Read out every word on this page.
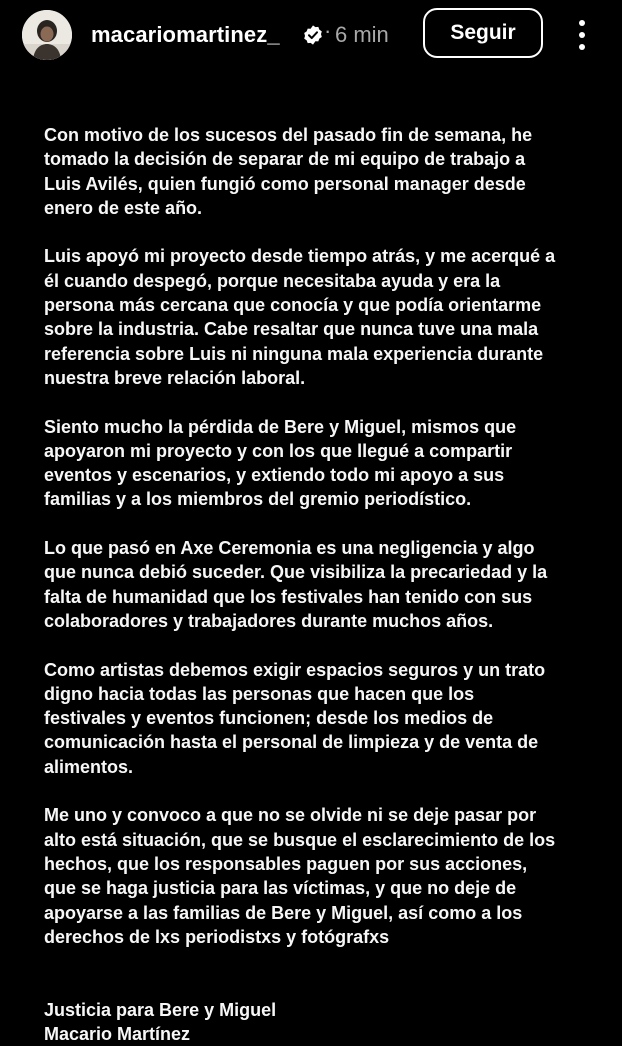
macariomartinez_ · 6 min	Seguir

Con motivo de los sucesos del pasado fin de semana, he
tomado la decisión de separar de mi equipo de trabajo a
Luis Avilés, quien fungió como personal manager desde
enero de este año.

Luis apoyó mi proyecto desde tiempo atrás, y me acerqué a
él cuando despegó, porque necesitaba ayuda y era la
persona más cercana que conocía y que podía orientarme
sobre la industria. Cabe resaltar que nunca tuve una mala
referencia sobre Luis ni ninguna mala experiencia durante
nuestra breve relación laboral.

Siento mucho la pérdida de Bere y Miguel, mismos que
apoyaron mi proyecto y con los que llegué a compartir
eventos y escenarios, y extiendo todo mi apoyo a sus
familias y a los miembros del gremio periodístico.

Lo que pasó en Axe Ceremonia es una negligencia y algo
que nunca debió suceder. Que visibiliza la precariedad y la
falta de humanidad que los festivales han tenido con sus
colaboradores y trabajadores durante muchos años.

Como artistas debemos exigir espacios seguros y un trato
digno hacia todas las personas que hacen que los
festivales y eventos funcionen; desde los medios de
comunicación hasta el personal de limpieza y de venta de
alimentos.

Me uno y convoco a que no se olvide ni se deje pasar por
alto está situación, que se busque el esclarecimiento de los
hechos, que los responsables paguen por sus acciones,
que se haga justicia para las víctimas, y que no deje de
apoyarse a las familias de Bere y Miguel, así como a los
derechos de lxs periodistxs y fotógrafxs

Justicia para Bere y Miguel
Macario Martínez
